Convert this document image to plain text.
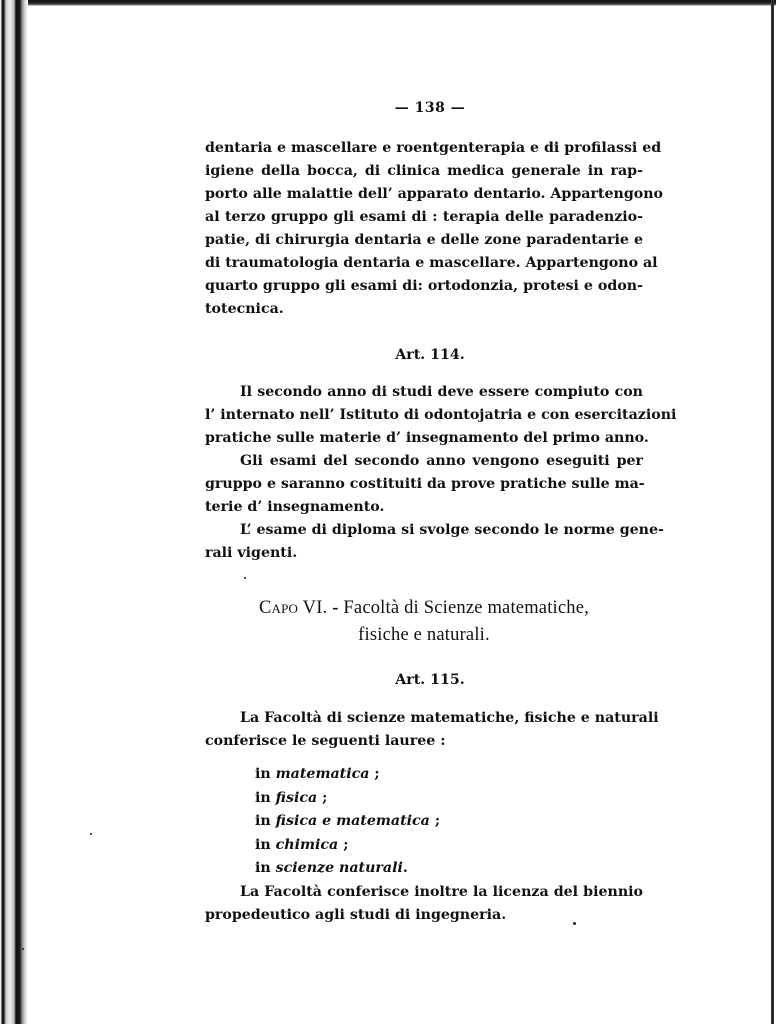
— 138 —
dentaria e mascellare e roentgenterapia e di profilassi ed
igiene della bocca, di clinica medica generale in rap-
porto alle malattie dell’ apparato dentario. Appartengono
al terzo gruppo gli esami di : terapia delle paradenzio-
patie, di chirurgia dentaria e delle zone paradentarie e
di traumatologia dentaria e mascellare. Appartengono al
quarto gruppo gli esami di: ortodonzia, protesi e odon-
totecnica.
Art. 114.
Il secondo anno di studi deve essere compiuto con
l’ internato nell’ Istituto di odontojatria e con esercitazioni
pratiche sulle materie d’ insegnamento del primo anno.
Gli esami del secondo anno vengono eseguiti per
gruppo e saranno costituiti da prove pratiche sulle ma-
terie d’ insegnamento.
L’ esame di diploma si svolge secondo le norme gene-
rali vigenti.
Capo VI. - Facoltà di Scienze matematiche,
fisiche e naturali.
Art. 115.
La Facoltà di scienze matematiche, fisiche e naturali
conferisce le seguenti lauree :
in matematica ;
in fisica ;
in fisica e matematica ;
in chimica ;
in scienze naturali.
La Facoltà conferisce inoltre la licenza del biennio
propedeutico agli studi di ingegneria.
